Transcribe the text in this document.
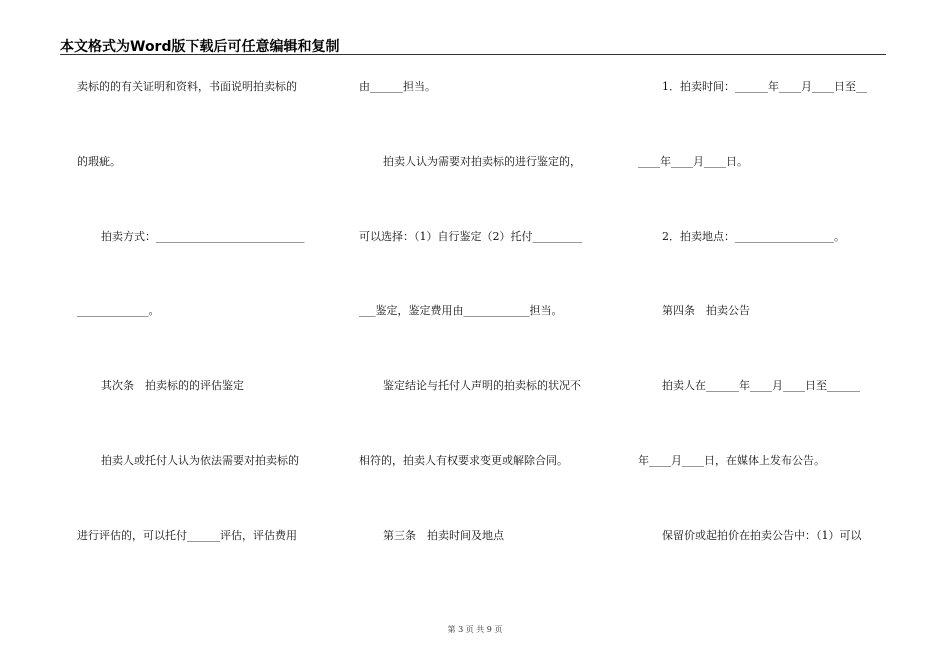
本文格式为Word版下载后可任意编辑和复制
卖标的的有关证明和资料，书面说明拍卖标的
的瑕疵。
拍卖方式：___________________________
_____________。
其次条　拍卖标的的评估鉴定
拍卖人或托付人认为依法需要对拍卖标的
进行评估的，可以托付______评估，评估费用
由______担当。
拍卖人认为需要对拍卖标的进行鉴定的，
可以选择：（1）自行鉴定（2）托付_________
___鉴定，鉴定费用由____________担当。
鉴定结论与托付人声明的拍卖标的状况不
相符的，拍卖人有权要求变更或解除合同。
第三条　拍卖时间及地点
1．拍卖时间：______年____月____日至__
____年____月____日。
2．拍卖地点：__________________。
第四条　拍卖公告
拍卖人在______年____月____日至______
年____月____日，在媒体上发布公告。
保留价或起拍价在拍卖公告中：（1）可以
第 3 页 共 9 页
